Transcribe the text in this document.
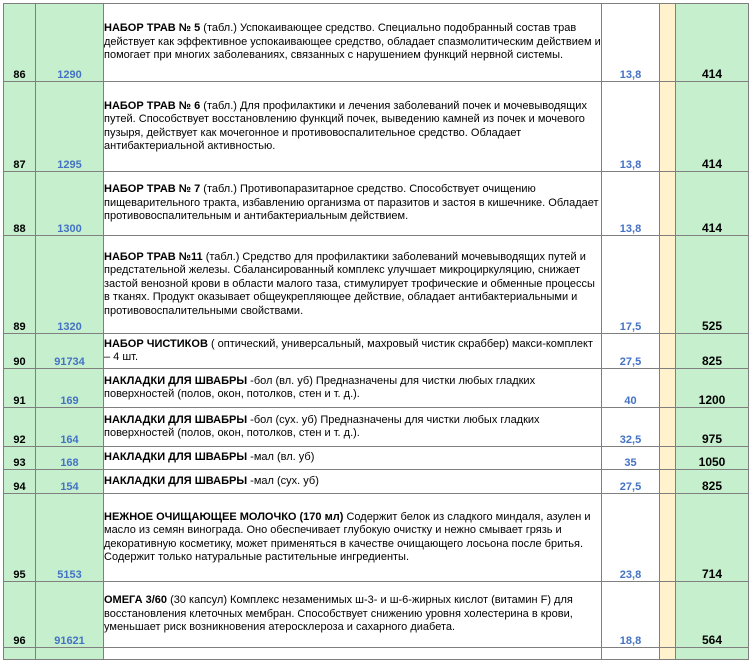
86	1290	НАБОР ТРАВ № 5 (табл.) Успокаивающее средство. Специально подобранный состав трав действует как эффективное успокаивающее средство, обладает спазмолитическим действием и помогает при многих заболеваниях, связанных с нарушением функций нервной системы.	13,8		414
87	1295	НАБОР ТРАВ № 6 (табл.) Для профилактики и лечения заболеваний почек и мочевыводящих путей. Способствует восстановлению функций почек, выведению камней из почек и мочевого пузыря, действует как мочегонное и противовоспалительное средство. Обладает антибактериальной активностью.	13,8		414
88	1300	НАБОР ТРАВ № 7 (табл.) Противопаразитарное средство. Способствует очищению пищеварительного тракта, избавлению организма от паразитов и застоя в кишечнике. Обладает противовоспалительным и антибактериальным действием.	13,8		414
89	1320	НАБОР ТРАВ №11 (табл.) Средство для профилактики заболеваний мочевыводящих путей и предстательной железы. Сбалансированный комплекс улучшает микроциркуляцию, снижает застой венозной крови в области малого таза, стимулирует трофические и обменные процессы в тканях. Продукт оказывает общеукрепляющее действие, обладает антибактериальными и противовоспалительными свойствами.	17,5		525
90	91734	НАБОР ЧИСТИКОВ ( оптический, универсальный, махровый чистик скраббер) макси-комплект – 4 шт.	27,5		825
91	169	НАКЛАДКИ ДЛЯ ШВАБРЫ -бол (вл. уб) Предназначены для чистки любых гладких поверхностей (полов, окон, потолков, стен и т. д.).	40		1200
92	164	НАКЛАДКИ ДЛЯ ШВАБРЫ -бол (сух. уб) Предназначены для чистки любых гладких поверхностей (полов, окон, потолков, стен и т. д.).	32,5		975
93	168	НАКЛАДКИ ДЛЯ ШВАБРЫ -мал (вл. уб)	35		1050
94	154	НАКЛАДКИ ДЛЯ ШВАБРЫ -мал (сух. уб)	27,5		825
95	5153	НЕЖНОЕ ОЧИЩАЮЩЕЕ МОЛОЧКО (170 мл) Содержит белок из сладкого миндаля, азулен и масло из семян винограда. Оно обеспечивает глубокую очистку и нежно смывает грязь и декоративную косметику, может применяться в качестве очищающего лосьона после бритья. Содержит только натуральные растительные ингредиенты.	23,8		714
96	91621	ОМЕГА 3/60 (30 капсул) Комплекс незаменимых ш-3- и ш-6-жирных кислот (витамин F) для восстановления клеточных мембран. Способствует снижению уровня холестерина в крови, уменьшает риск возникновения атеросклероза и сахарного диабета.	18,8		564
